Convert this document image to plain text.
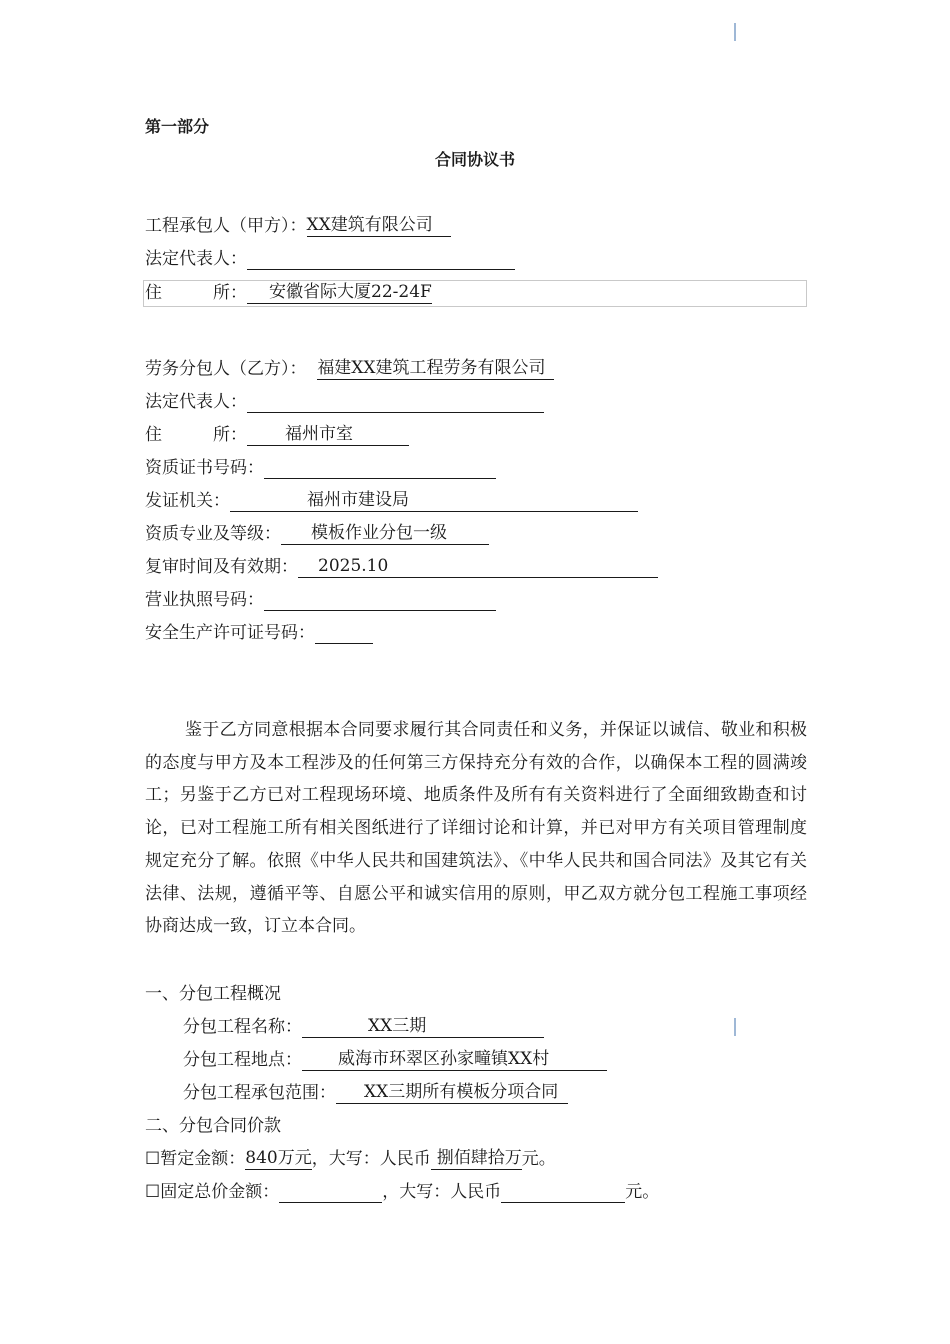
第一部分
合同协议书
工程承包人（甲方）：XX建筑有限公司
法定代表人：
住　　　所： 安徽省际大厦22-24F
劳务分包人（乙方）： 福建XX建筑工程劳务有限公司
法定代表人：
住　　　所： 福州市室
资质证书号码：
发证机关：	福州市建设局
资质专业及等级： 模板作业分包一级
复审时间及有效期： 2025.10
营业执照号码：
安全生产许可证号码：
鉴于乙方同意根据本合同要求履行其合同责任和义务，并保证以诚信、敬业和积极的态度与甲方及本工程涉及的任何第三方保持充分有效的合作，以确保本工程的圆满竣工；另鉴于乙方已对工程现场环境、地质条件及所有有关资料进行了全面细致勘查和讨论，已对工程施工所有相关图纸进行了详细讨论和计算，并已对甲方有关项目管理制度规定充分了解。依照《中华人民共和国建筑法》、《中华人民共和国合同法》及其它有关法律、法规，遵循平等、自愿公平和诚实信用的原则，甲乙双方就分包工程施工事项经协商达成一致，订立本合同。
一、分包工程概况
分包工程名称：	XX三期
分包工程地点： 威海市环翠区孙家疃镇XX村
分包工程承包范围： XX三期所有模板分项合同
二、分包合同价款
☐暂定金额：840万元，大写：人民币 捌佰肆拾万元。
☐固定总价金额：	，大写：人民币	元。
